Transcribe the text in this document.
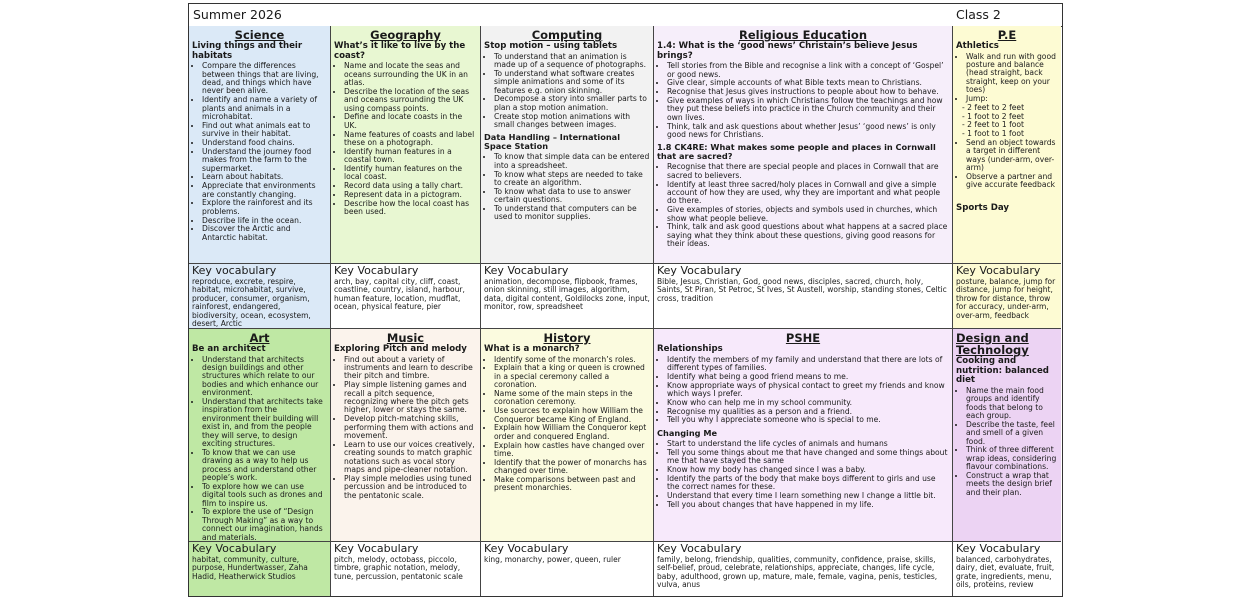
Summer 2026	Class 2
Science
Living things and their habitats
• Compare the differences between things that are living, dead, and things which have never been alive.
• Identify and name a variety of plants and animals in a microhabitat.
• Find out what animals eat to survive in their habitat.
• Understand food chains.
• Understand the journey food makes from the farm to the supermarket.
• Learn about habitats.
• Appreciate that environments are constantly changing.
• Explore the rainforest and its problems.
• Describe life in the ocean.
• Discover the Arctic and Antarctic habitat.
Geography
What’s it like to live by the coast?
• Name and locate the seas and oceans surrounding the UK in an atlas.
• Describe the location of the seas and oceans surrounding the UK using compass points.
• Define and locate coasts in the UK.
• Name features of coasts and label these on a photograph.
• Identify human features in a coastal town.
• Identify human features on the local coast.
• Record data using a tally chart.
• Represent data in a pictogram.
• Describe how the local coast has been used.
Computing
Stop motion – using tablets
• To understand that an animation is made up of a sequence of photographs.
• To understand what software creates simple animations and some of its features e.g. onion skinning.
• Decompose a story into smaller parts to plan a stop motion animation.
• Create stop motion animations with small changes between images.
Data Handling – International Space Station
• To know that simple data can be entered into a spreadsheet.
• To know what steps are needed to take to create an algorithm.
• To know what data to use to answer certain questions.
• To understand that computers can be used to monitor supplies.
Religious Education
1.4: What is the ‘good news’ Christain’s believe Jesus brings?
• Tell stories from the Bible and recognise a link with a concept of ‘Gospel’ or good news.
• Give clear, simple accounts of what Bible texts mean to Christians.
• Recognise that Jesus gives instructions to people about how to behave.
• Give examples of ways in which Christians follow the teachings and how they put these beliefs into practice in the Church community and their own lives.
• Think, talk and ask questions about whether Jesus’ ‘good news’ is only good news for Christians.
1.8 CK4RE: What makes some people and places in Cornwall that are sacred?
• Recognise that there are special people and places in Cornwall that are sacred to believers.
• Identify at least three sacred/holy places in Cornwall and give a simple account of how they are used, why they are important and what people do there.
• Give examples of stories, objects and symbols used in churches, which show what people believe.
• Think, talk and ask good questions about what happens at a sacred place saying what they think about these questions, giving good reasons for their ideas.
P.E
Athletics
• Walk and run with good posture and balance (head straight, back straight, keep on your toes)
• Jump:
- 2 feet to 2 feet
- 1 foot to 2 feet
- 2 feet to 1 foot
- 1 foot to 1 foot
• Send an object towards a target in different ways (under-arm, over-arm)
• Observe a partner and give accurate feedback
Sports Day
Key vocabulary
reproduce, excrete, respire, habitat, microhabitat, survive, producer, consumer, organism, rainforest, endangered, biodiversity, ocean, ecosystem, desert, Arctic
Key Vocabulary
arch, bay, capital city, cliff, coast, coastline, country, island, harbour, human feature, location, mudflat, ocean, physical feature, pier
Key Vocabulary
animation, decompose, flipbook, frames, onion skinning, still images, algorithm, data, digital content, Goldilocks zone, input, monitor, row, spreadsheet
Key Vocabulary
Bible, Jesus, Christian, God, good news, disciples, sacred, church, holy, Saints, St Piran, St Petroc, St Ives, St Austell, worship, standing stones, Celtic cross, tradition
Key Vocabulary
posture, balance, jump for distance, jump for height, throw for distance, throw for accuracy, under-arm, over-arm, feedback
Art
Be an architect
• Understand that architects design buildings and other structures which relate to our bodies and which enhance our environment.
• Understand that architects take inspiration from the environment their building will exist in, and from the people they will serve, to design exciting structures.
• To know that we can use drawing as a way to help us process and understand other people’s work.
• To explore how we can use digital tools such as drones and film to inspire us.
• To explore the use of “Design Through Making” as a way to connect our imagination, hands and materials.
Music
Exploring Pitch and melody
• Find out about a variety of instruments and learn to describe their pitch and timbre.
• Play simple listening games and recall a pitch sequence, recognizing where the pitch gets higher, lower or stays the same.
• Develop pitch-matching skills, performing them with actions and movement.
• Learn to use our voices creatively, creating sounds to match graphic notations such as vocal story maps and pipe-cleaner notation.
• Play simple melodies using tuned percussion and be introduced to the pentatonic scale.
History
What is a monarch?
• Identify some of the monarch’s roles.
• Explain that a king or queen is crowned in a special ceremony called a coronation.
• Name some of the main steps in the coronation ceremony.
• Use sources to explain how William the Conqueror became King of England.
• Explain how William the Conqueror kept order and conquered England.
• Explain how castles have changed over time.
• Identify that the power of monarchs has changed over time.
• Make comparisons between past and present monarchies.
PSHE
Relationships
• Identify the members of my family and understand that there are lots of different types of families.
• Identify what being a good friend means to me.
• Know appropriate ways of physical contact to greet my friends and know which ways I prefer.
• Know who can help me in my school community.
• Recognise my qualities as a person and a friend.
• Tell you why I appreciate someone who is special to me.
Changing Me
• Start to understand the life cycles of animals and humans
• Tell you some things about me that have changed and some things about me that have stayed the same
• Know how my body has changed since I was a baby.
• Identify the parts of the body that make boys different to girls and use the correct names for these.
• Understand that every time I learn something new I change a little bit.
• Tell you about changes that have happened in my life.
Design and Technology
Cooking and nutrition: balanced diet
• Name the main food groups and identify foods that belong to each group.
• Describe the taste, feel and smell of a given food.
• Think of three different wrap ideas, considering flavour combinations.
• Construct a wrap that meets the design brief and their plan.
Key Vocabulary
habitat, community, culture, purpose, Hundertwasser, Zaha Hadid, Heatherwick Studios
Key Vocabulary
pitch, melody, octobass, piccolo, timbre, graphic notation, melody, tune, percussion, pentatonic scale
Key Vocabulary
king, monarchy, power, queen, ruler
Key Vocabulary
family, belong, friendship, qualities, community, confidence, praise, skills, self-belief, proud, celebrate, relationships, appreciate, changes, life cycle, baby, adulthood, grown up, mature, male, female, vagina, penis, testicles, vulva, anus
Key Vocabulary
balanced, carbohydrates, dairy, diet, evaluate, fruit, grate, ingredients, menu, oils, proteins, review
